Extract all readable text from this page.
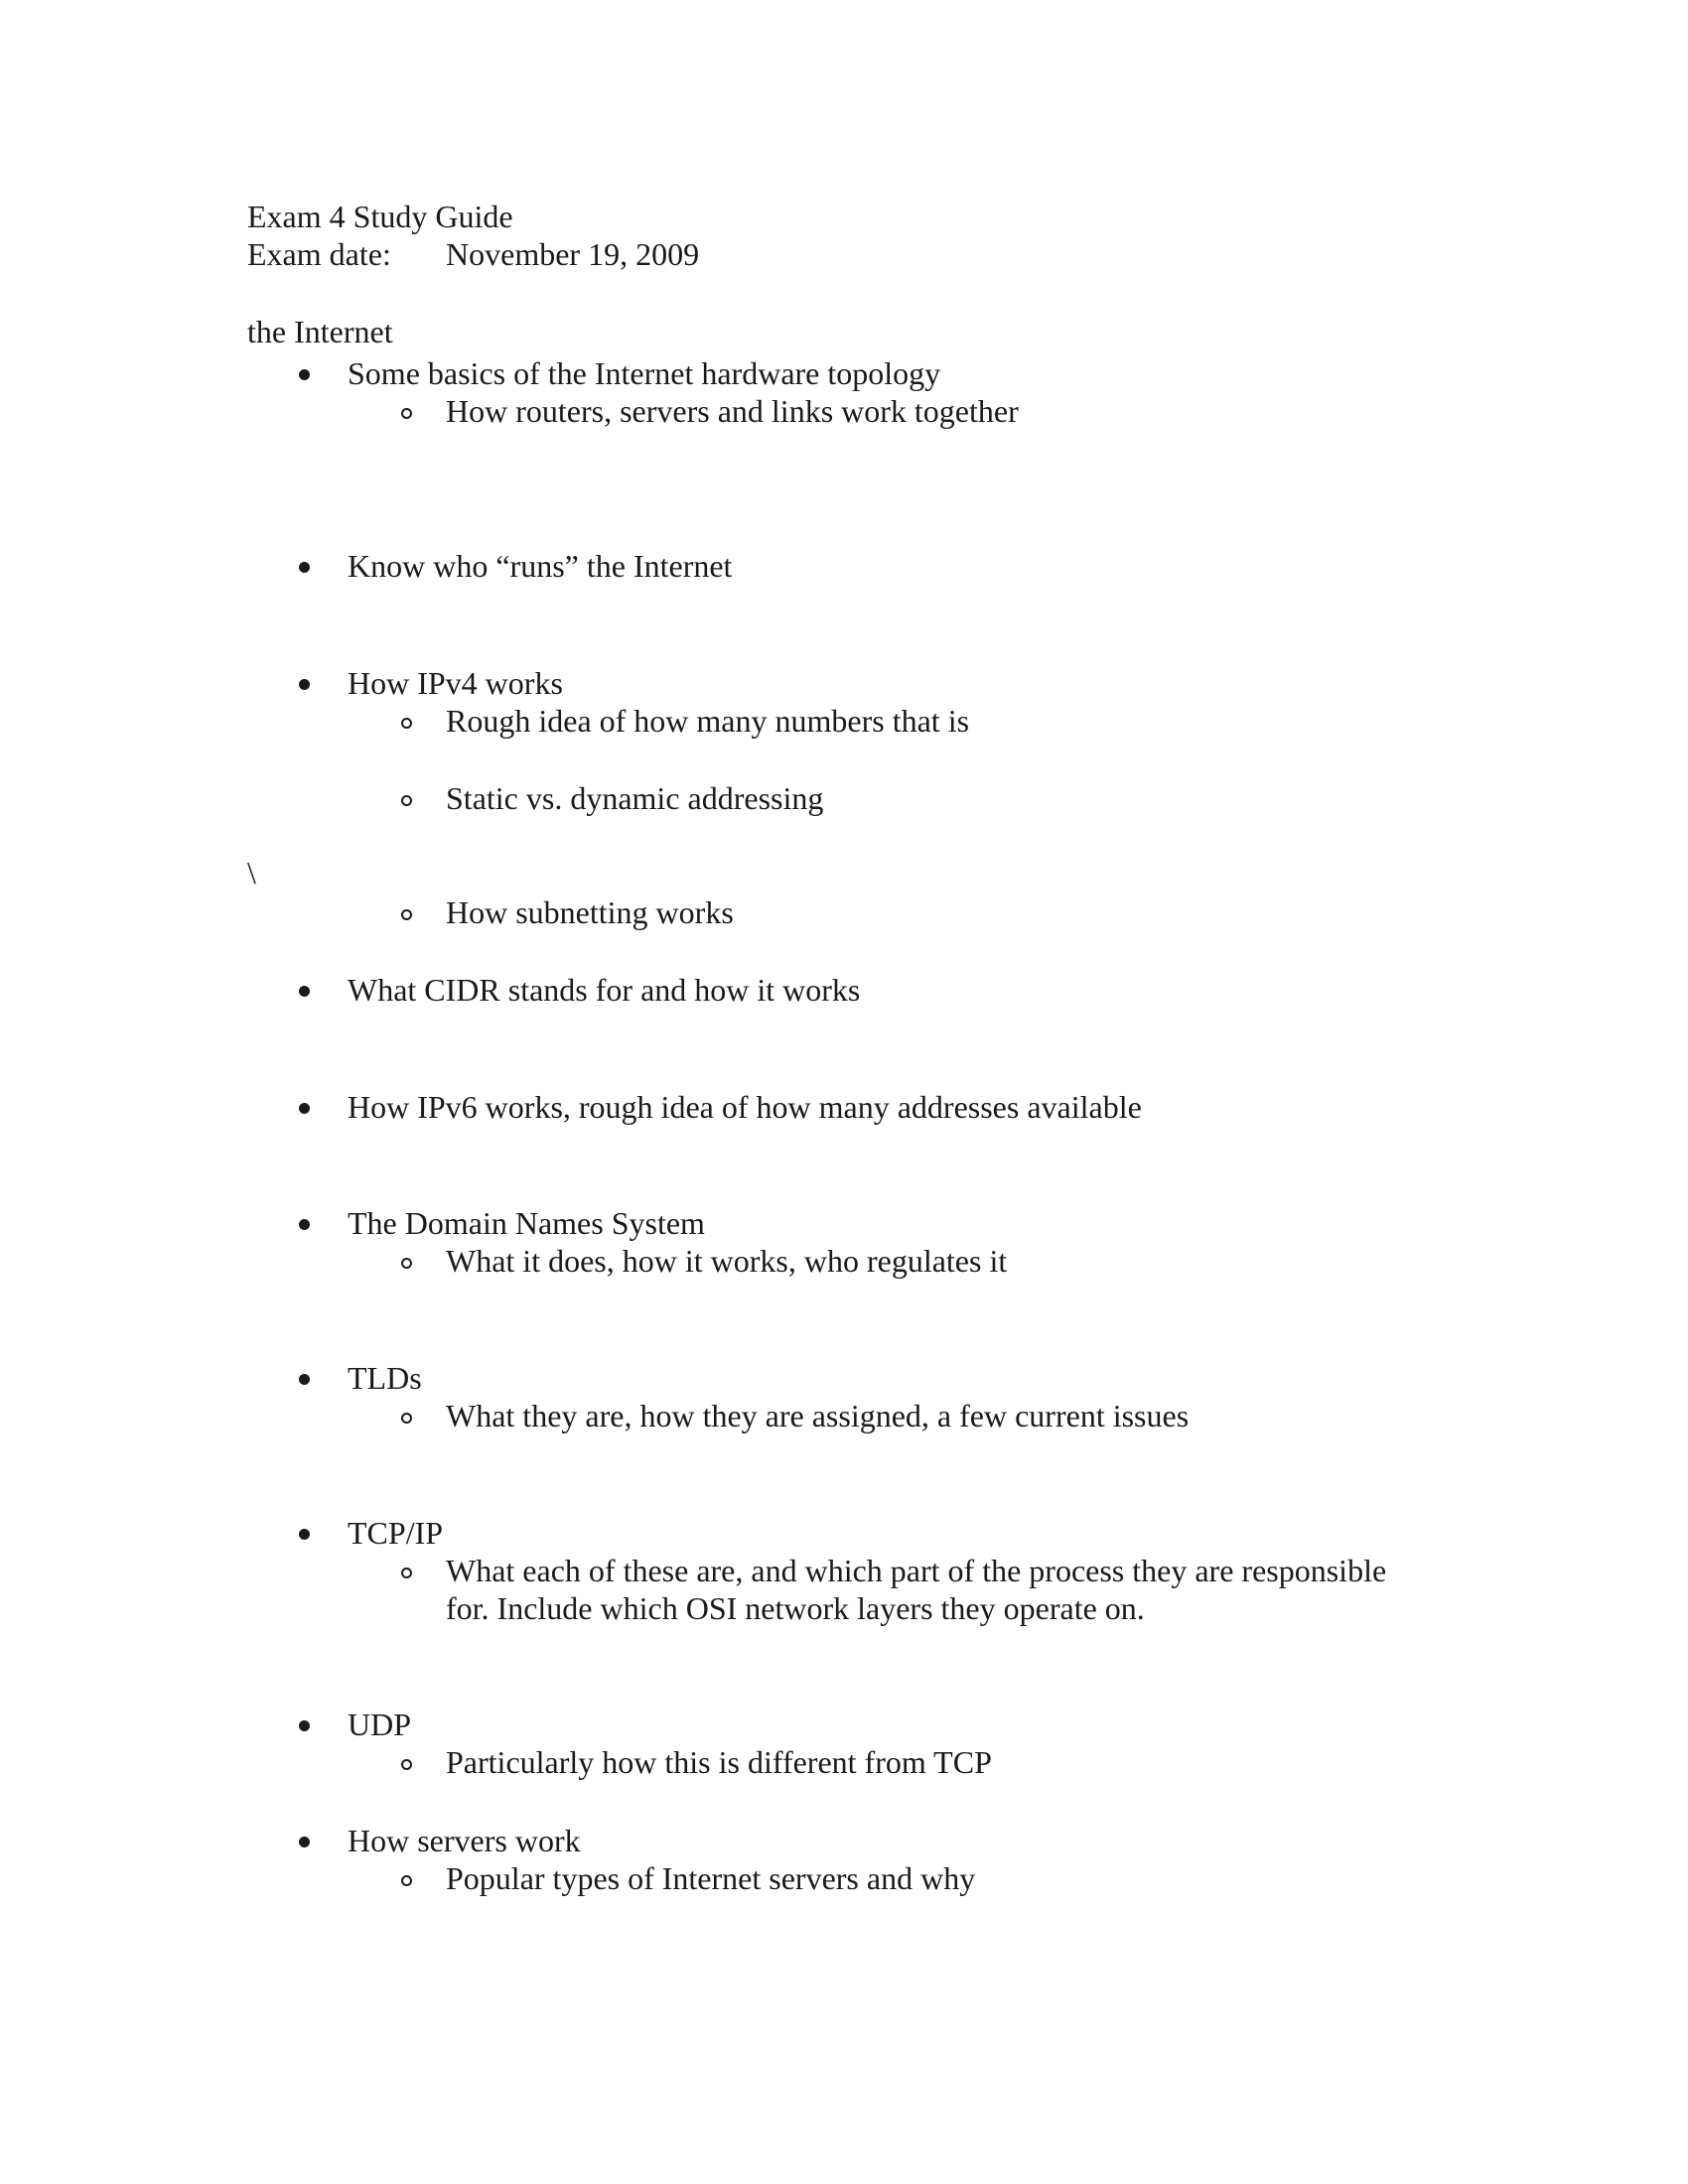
Exam 4 Study Guide
Exam date: November 19, 2009
the Internet
Some basics of the Internet hardware topology
How routers, servers and links work together
Know who “runs” the Internet
How IPv4 works
Rough idea of how many numbers that is
Static vs. dynamic addressing
\
How subnetting works
What CIDR stands for and how it works
How IPv6 works, rough idea of how many addresses available
The Domain Names System
What it does, how it works, who regulates it
TLDs
What they are, how they are assigned, a few current issues
TCP/IP
What each of these are, and which part of the process they are responsible
for. Include which OSI network layers they operate on.
UDP
Particularly how this is different from TCP
How servers work
Popular types of Internet servers and why
